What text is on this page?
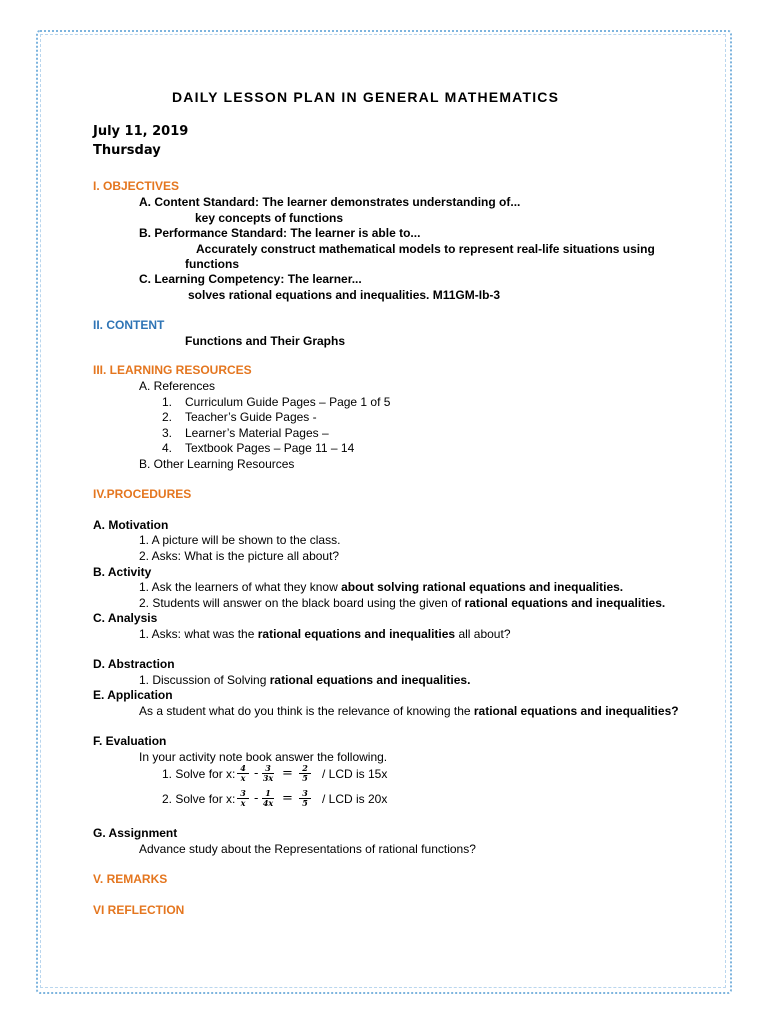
DAILY LESSON PLAN IN GENERAL MATHEMATICS
July 11, 2019
Thursday
I. OBJECTIVES
A. Content Standard: The learner demonstrates understanding of...
key concepts of functions
B. Performance Standard: The learner is able to...
Accurately construct mathematical models to represent real-life situations using
functions
C. Learning Competency: The learner...
solves rational equations and inequalities. M11GM-Ib-3
II. CONTENT
Functions and Their Graphs
III. LEARNING RESOURCES
A. References
1. Curriculum Guide Pages – Page 1 of 5
2. Teacher’s Guide Pages -
3. Learner’s Material Pages –
4. Textbook Pages – Page 11 – 14
B. Other Learning Resources
IV.PROCEDURES
A. Motivation
1. A picture will be shown to the class.
2. Asks: What is the picture all about?
B. Activity
1. Ask the learners of what they know about solving rational equations and inequalities.
2. Students will answer on the black board using the given of rational equations and inequalities.
C. Analysis
1. Asks: what was the rational equations and inequalities all about?
D. Abstraction
1. Discussion of Solving rational equations and inequalities.
E. Application
As a student what do you think is the relevance of knowing the rational equations and inequalities?
F. Evaluation
In your activity note book answer the following.
1. Solve for x: $\frac{4}{x} - \frac{3}{3x} = \frac{2}{5}$ / LCD is 15x
2. Solve for x: $\frac{3}{x} - \frac{1}{4x} = \frac{3}{5}$ / LCD is 20x
G. Assignment
Advance study about the Representations of rational functions?
V. REMARKS
VI REFLECTION
